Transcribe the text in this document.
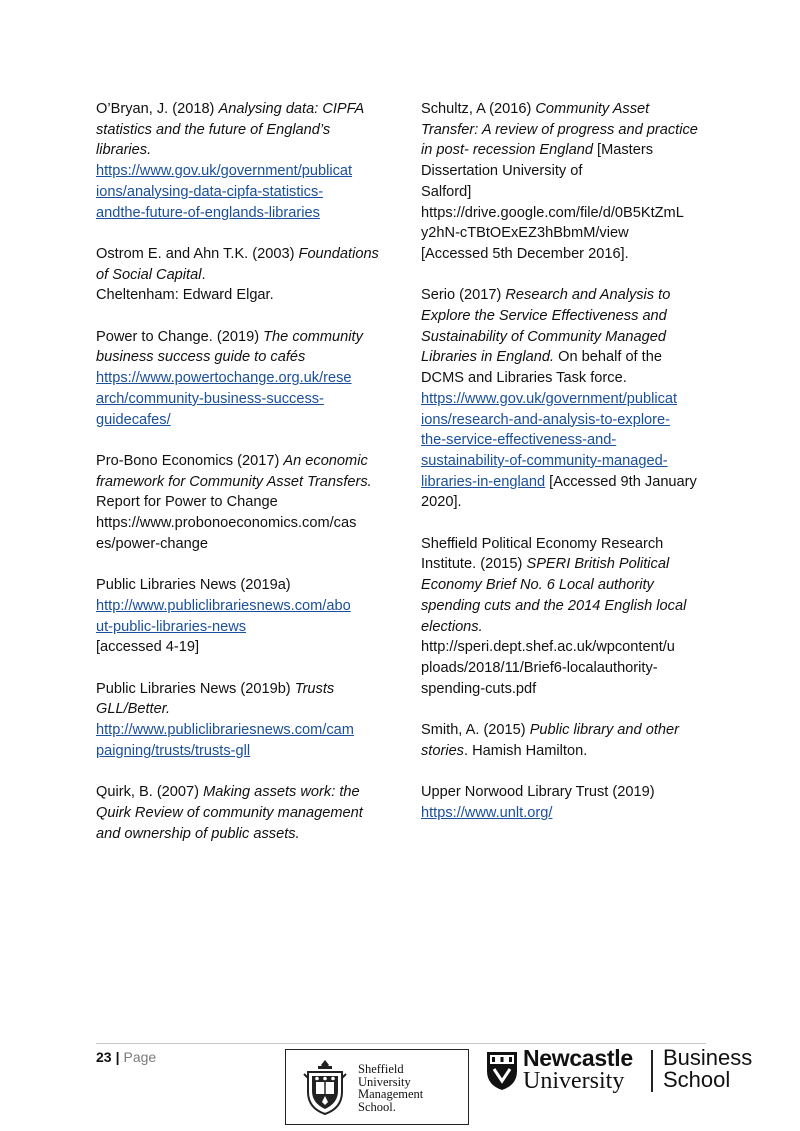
O’Bryan, J. (2018) Analysing data: CIPFA
statistics and the future of England’s
libraries.
https://www.gov.uk/government/publicat
ions/analysing-data-cipfa-statistics-
andthe-future-of-englands-libraries
Ostrom E. and Ahn T.K. (2003) Foundations
of Social Capital.
Cheltenham: Edward Elgar.
Power to Change. (2019) The community
business success guide to cafés
https://www.powertochange.org.uk/rese
arch/community-business-success-
guidecafes/
Pro-Bono Economics (2017) An economic
framework for Community Asset Transfers.
Report for Power to Change
https://www.probonoeconomics.com/cas
es/power-change
Public Libraries News (2019a)
http://www.publiclibrariesnews.com/abo
ut-public-libraries-news
[accessed 4-19]
Public Libraries News (2019b) Trusts
GLL/Better.
http://www.publiclibrariesnews.com/cam
paigning/trusts/trusts-gll
Quirk, B. (2007) Making assets work: the
Quirk Review of community management
and ownership of public assets.
Schultz, A (2016) Community Asset
Transfer: A review of progress and practice
in post- recession England [Masters
Dissertation University of
Salford]
https://drive.google.com/file/d/0B5KtZmL
y2hN-cTBtOExEZ3hBbmM/view
[Accessed 5th December 2016].
Serio (2017) Research and Analysis to
Explore the Service Effectiveness and
Sustainability of Community Managed
Libraries in England. On behalf of the
DCMS and Libraries Task force.
https://www.gov.uk/government/publicat
ions/research-and-analysis-to-explore-
the-service-effectiveness-and-
sustainability-of-community-managed-
libraries-in-england [Accessed 9th January
2020].
Sheffield Political Economy Research
Institute. (2015) SPERI British Political
Economy Brief No. 6 Local authority
spending cuts and the 2014 English local
elections.
http://speri.dept.shef.ac.uk/wpcontent/u
ploads/2018/11/Brief6-localauthority-
spending-cuts.pdf
Smith, A. (2015) Public library and other
stories. Hamish Hamilton.
Upper Norwood Library Trust (2019)
https://www.unlt.org/
23 | Page
Sheffield
University
Management
School.
Newcastle
University
Business
School
